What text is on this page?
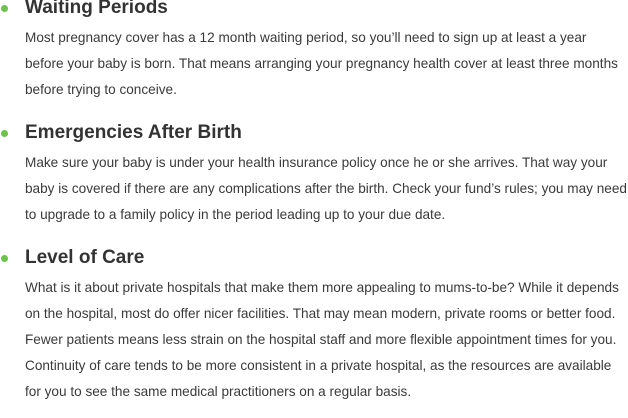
Waiting Periods

Most pregnancy cover has a 12 month waiting period, so you’ll need to sign up at least a year before your baby is born. That means arranging your pregnancy health cover at least three months before trying to conceive.

Emergencies After Birth

Make sure your baby is under your health insurance policy once he or she arrives. That way your baby is covered if there are any complications after the birth. Check your fund’s rules; you may need to upgrade to a family policy in the period leading up to your due date.

Level of Care

What is it about private hospitals that make them more appealing to mums-to-be? While it depends on the hospital, most do offer nicer facilities. That may mean modern, private rooms or better food. Fewer patients means less strain on the hospital staff and more flexible appointment times for you. Continuity of care tends to be more consistent in a private hospital, as the resources are available for you to see the same medical practitioners on a regular basis.
